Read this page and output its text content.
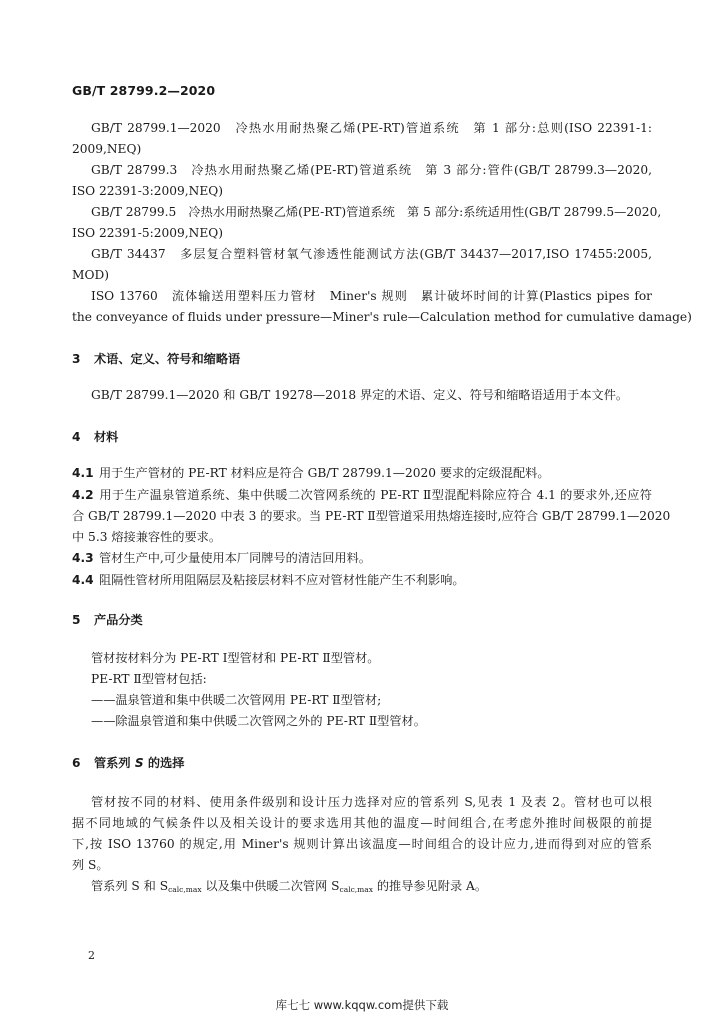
GB/T 28799.2—2020
GB/T 28799.1—2020　冷热水用耐热聚乙烯(PE-RT)管道系统　第 1 部分:总则(ISO 22391-1:
2009,NEQ)
GB/T 28799.3　冷热水用耐热聚乙烯(PE-RT)管道系统　第 3 部分:管件(GB/T 28799.3—2020,
ISO 22391-3:2009,NEQ)
GB/T 28799.5　冷热水用耐热聚乙烯(PE-RT)管道系统　第 5 部分:系统适用性(GB/T 28799.5—2020,
ISO 22391-5:2009,NEQ)
GB/T 34437　多层复合塑料管材氧气渗透性能测试方法(GB/T 34437—2017,ISO 17455:2005,
MOD)
ISO 13760　流体输送用塑料压力管材　Miner's 规则　累计破坏时间的计算(Plastics pipes for
the conveyance of fluids under pressure—Miner's rule—Calculation method for cumulative damage)
3 术语、定义、符号和缩略语
GB/T 28799.1—2020 和 GB/T 19278—2018 界定的术语、定义、符号和缩略语适用于本文件。
4 材料
4.1 用于生产管材的 PE-RT 材料应是符合 GB/T 28799.1—2020 要求的定级混配料。
4.2 用于生产温泉管道系统、集中供暖二次管网系统的 PE-RT Ⅱ型混配料除应符合 4.1 的要求外,还应符
合 GB/T 28799.1—2020 中表 3 的要求。当 PE-RT Ⅱ型管道采用热熔连接时,应符合 GB/T 28799.1—2020
中 5.3 熔接兼容性的要求。
4.3 管材生产中,可少量使用本厂同牌号的清洁回用料。
4.4 阻隔性管材所用阻隔层及粘接层材料不应对管材性能产生不利影响。
5 产品分类
管材按材料分为 PE-RT Ⅰ型管材和 PE-RT Ⅱ型管材。
PE-RT Ⅱ型管材包括:
——温泉管道和集中供暖二次管网用 PE-RT Ⅱ型管材;
——除温泉管道和集中供暖二次管网之外的 PE-RT Ⅱ型管材。
6 管系列 S 的选择
管材按不同的材料、使用条件级别和设计压力选择对应的管系列 S,见表 1 及表 2。管材也可以根
据不同地域的气候条件以及相关设计的要求选用其他的温度—时间组合,在考虑外推时间极限的前提
下,按 ISO 13760 的规定,用 Miner's 规则计算出该温度—时间组合的设计应力,进而得到对应的管系
列 S。
管系列 S 和 $S_{calc,max}$ 以及集中供暖二次管网 $S_{calc,max}$ 的推导参见附录 A。
2
库七七 www.kqqw.com提供下载
